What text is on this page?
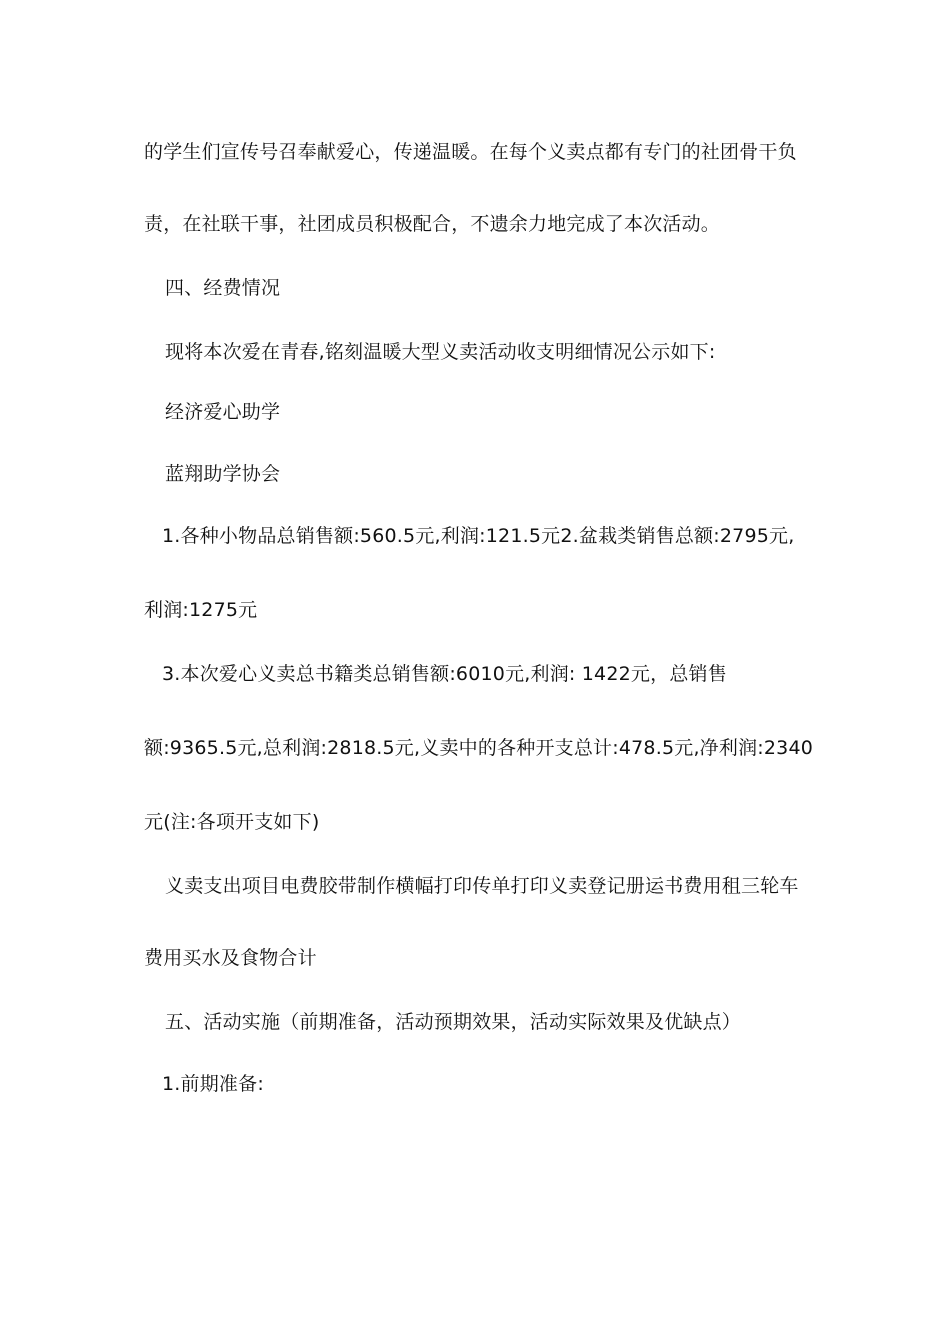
的学生们宣传号召奉献爱心，传递温暖。在每个义卖点都有专门的社团骨干负
责，在社联干事，社团成员积极配合，不遗余力地完成了本次活动。
四、经费情况
现将本次爱在青春,铭刻温暖大型义卖活动收支明细情况公示如下:
经济爱心助学
蓝翔助学协会
1.各种小物品总销售额:560.5元,利润:121.5元2.盆栽类销售总额:2795元,
利润:1275元
3.本次爱心义卖总书籍类总销售额:6010元,利润: 1422元，总销售
额:9365.5元,总利润:2818.5元,义卖中的各种开支总计:478.5元,净利润:2340
元(注:各项开支如下)
义卖支出项目电费胶带制作横幅打印传单打印义卖登记册运书费用租三轮车
费用买水及食物合计
五、活动实施（前期准备，活动预期效果，活动实际效果及优缺点）
1.前期准备:
